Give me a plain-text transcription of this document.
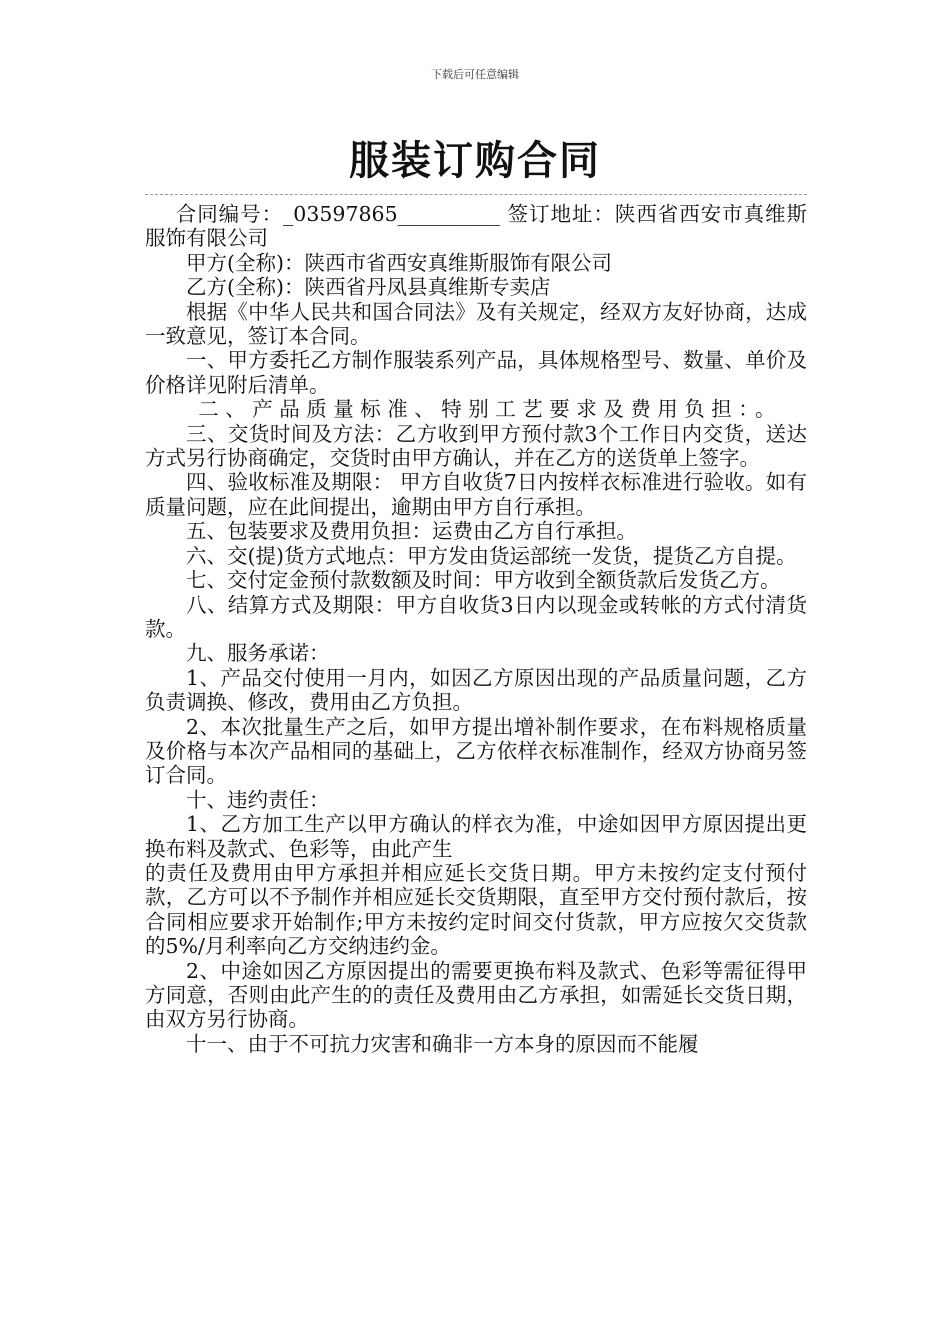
下载后可任意编辑
服装订购合同

合同编号：_03597865__________ 签订地址：陕西省西安市真维斯服饰有限公司

甲方(全称)：陕西市省西安真维斯服饰有限公司

乙方(全称)：陕西省丹凤县真维斯专卖店

根据《中华人民共和国合同法》及有关规定，经双方友好协商，达成一致意见，签订本合同。

一、甲方委托乙方制作服装系列产品，具体规格型号、数量、单价及价格详见附后清单。

二、产品质量标准、特别工艺要求及费用负担：。

三、交货时间及方法：乙方收到甲方预付款3个工作日内交货，送达方式另行协商确定，交货时由甲方确认，并在乙方的送货单上签字。

四、验收标准及期限： 甲方自收货7日内按样衣标准进行验收。如有质量问题，应在此间提出，逾期由甲方自行承担。

五、包装要求及费用负担：运费由乙方自行承担。

六、交(提)货方式地点：甲方发由货运部统一发货，提货乙方自提。

七、交付定金预付款数额及时间：甲方收到全额货款后发货乙方。

八、结算方式及期限：甲方自收货3日内以现金或转帐的方式付清货款。

九、服务承诺：

1、产品交付使用一月内，如因乙方原因出现的产品质量问题，乙方负责调换、修改，费用由乙方负担。

2、本次批量生产之后，如甲方提出增补制作要求，在布料规格质量及价格与本次产品相同的基础上，乙方依样衣标准制作，经双方协商另签订合同。

十、违约责任：

1、乙方加工生产以甲方确认的样衣为准，中途如因甲方原因提出更换布料及款式、色彩等，由此产生

的责任及费用由甲方承担并相应延长交货日期。甲方未按约定支付预付款，乙方可以不予制作并相应延长交货期限，直至甲方交付预付款后，按合同相应要求开始制作;甲方未按约定时间交付货款，甲方应按欠交货款的5%/月利率向乙方交纳违约金。

2、中途如因乙方原因提出的需要更换布料及款式、色彩等需征得甲方同意，否则由此产生的的责任及费用由乙方承担，如需延长交货日期，由双方另行协商。

十一、由于不可抗力灾害和确非一方本身的原因而不能履
